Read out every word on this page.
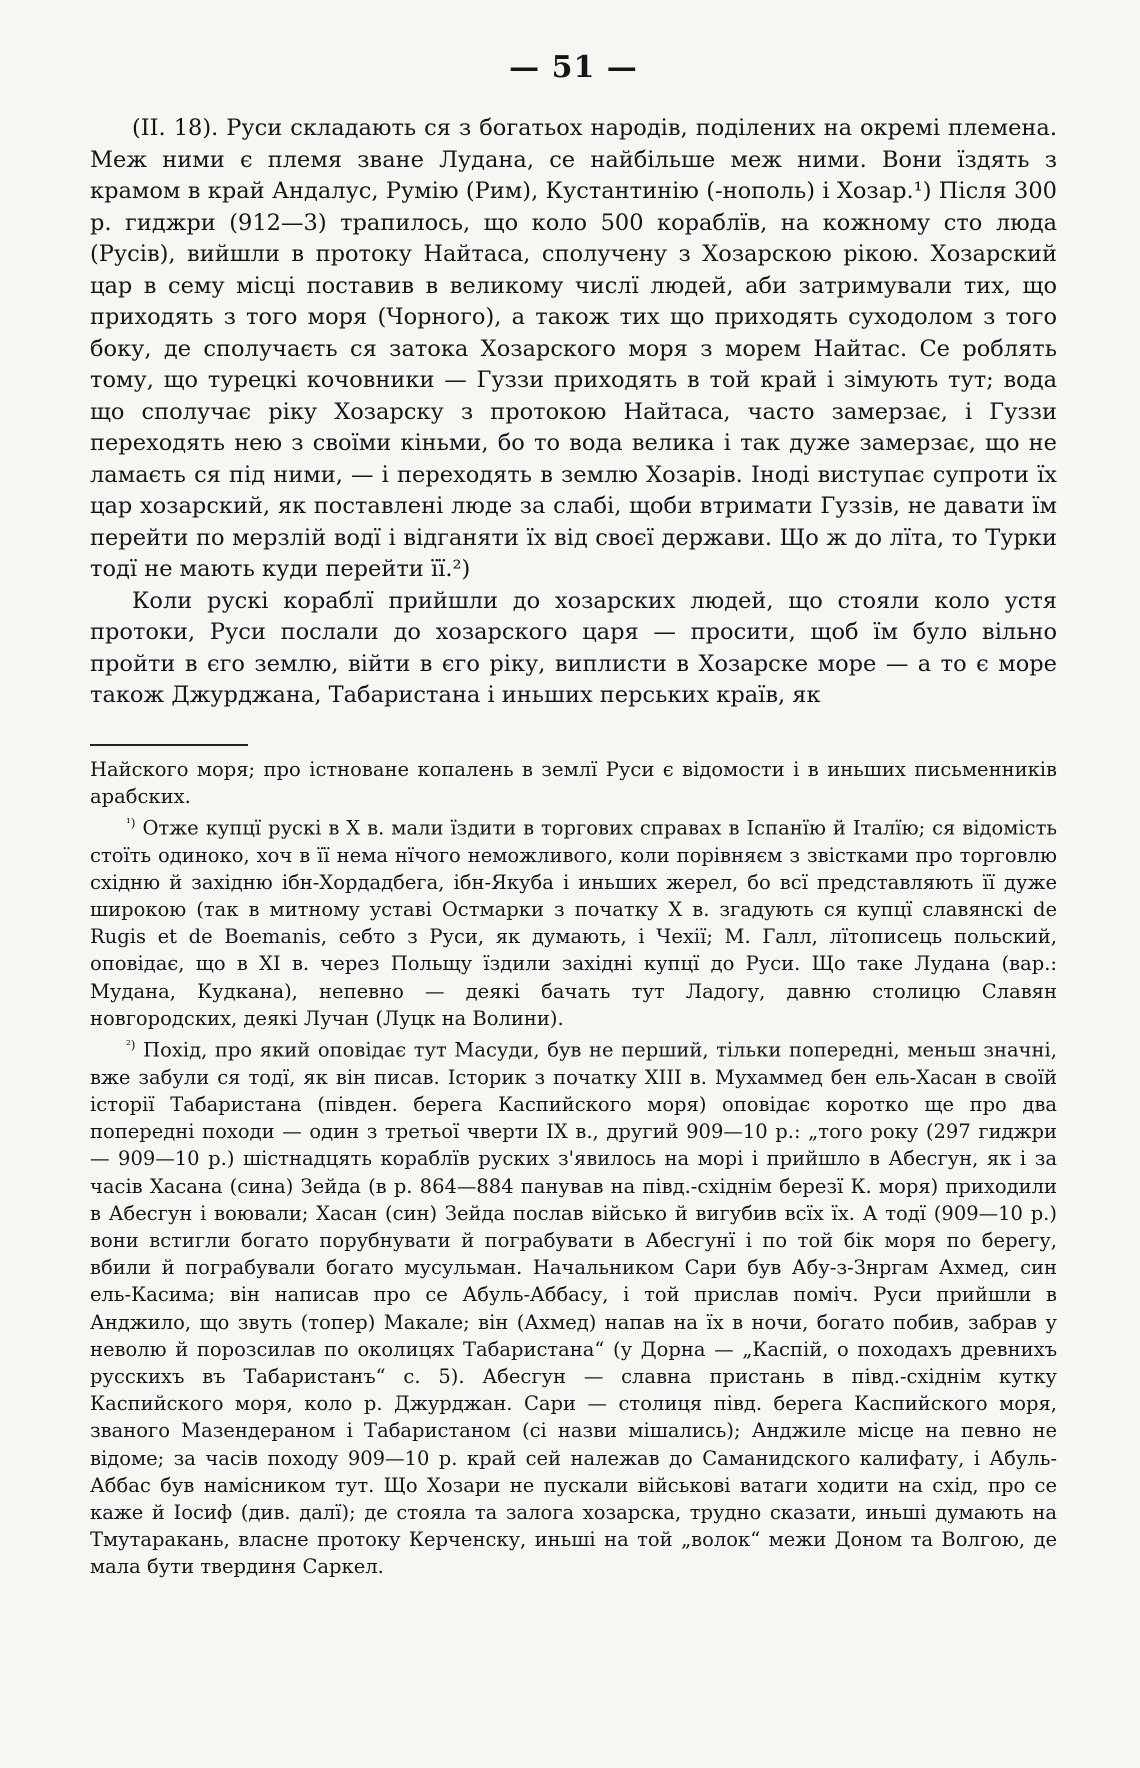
— 51 —

(II. 18). Руси складають ся з богатьох народів, поділених на окремі племена. Меж ними є племя зване Лудана, се найбільше меж ними. Вони їздять з крамом в край Андалус, Румію (Рим), Кустантинію (-нополь) і Хозар.¹) Після 300 р. гиджри (912—3) трапилось, що коло 500 кораблїв, на кожному сто люда (Русів), вийшли в протоку Найтаса, сполучену з Хозарскою рікою. Хозарский цар в сему місці поставив в великому числї людей, аби затримували тих, що приходять з того моря (Чорного), а також тих що приходять суходолом з того боку, де сполучаєть ся затока Хозарского моря з морем Найтас. Се роблять тому, що турецкі кочовники — Гуззи приходять в той край і зімують тут; вода що сполучає ріку Хозарску з протокою Найтаса, часто замерзає, і Гуззи переходять нею з своїми кіньми, бо то вода велика і так дуже замерзає, що не ламаєть ся під ними, — і переходять в землю Хозарів. Іноді виступає супроти їх цар хозарский, як поставлені люде за слабі, щоби втримати Гуззів, не давати їм перейти по мерзлій водї і відганяти їх від своєї держави. Що ж до лїта, то Турки тодї не мають куди перейти її.²)

Коли рускі кораблї прийшли до хозарских людей, що стояли коло устя протоки, Руси послали до хозарского царя — просити, щоб їм було вільно пройти в єго землю, війти в єго ріку, виплисти в Хозарске море — а то є море також Джурджана, Табаристана і иньших перських країв, як

Найского моря; про істноване копалень в землї Руси є відомости і в иньших письменників арабских.

$^{^1)}$ Отже купцї рускі в X в. мали їздити в торгових справах в Іспанїю й Італїю; ся відомість стоїть одиноко, хоч в її нема нїчого неможливого, коли порівняєм з звістками про торговлю східню й західню ібн-Хордадбега, ібн-Якуба і иньших жерел, бо всї представляють її дуже широкою (так в митному уставі Остмарки з початку X в. згадують ся купцї славянскі de Rugis et de Boemanis, себто з Руси, як думають, і Чехії; М. Галл, лїтописець польский, оповідає, що в XI в. через Польщу їздили західні купцї до Руси. Що таке Лудана (вар.: Мудана, Кудкана), непевно — деякі бачать тут Ладогу, давню столицю Славян новгородских, деякі Лучан (Луцк на Волини).

$^{^2)}$ Похід, про який оповідає тут Масуди, був не перший, тільки попередні, меньш значні, вже забули ся тодї, як він писав. Історик з початку XIII в. Мухаммед бен ель-Хасан в своїй історії Табаристана (півден. берега Каспийского моря) оповідає коротко ще про два попередні походи — один з третьої чверти IX в., другий 909—10 р.: „того року (297 гиджри — 909—10 р.) шістнадцять кораблїв руских з'явилось на морі і прийшло в Абесгун, як і за часів Хасана (сина) Зейда (в р. 864—884 панував на півд.-східнім березї К. моря) приходили в Абесгун і воювали; Хасан (син) Зейда послав військо й вигубив всїх їх. А тодї (909—10 р.) вони встигли богато порубнувати й пограбувати в Абесгунї і по той бік моря по берегу, вбили й пограбували богато мусульман. Начальником Сари був Абу-з-Знргам Ахмед, син ель-Касима; він написав про се Абуль-Аббасу, і той прислав поміч. Руси прийшли в Анджило, що звуть (топер) Макале; він (Ахмед) напав на їх в ночи, богато побив, забрав у неволю й порозсилав по околицях Табаристана“ (у Дорна — „Каспій, о походахъ древнихъ русскихъ въ Табаристанъ“ с. 5). Абесгун — славна пристань в півд.-східнім кутку Каспийского моря, коло р. Джурджан. Сари — столиця півд. берега Каспийского моря, званого Мазендераном і Табаристаном (сі назви мішались); Анджиле місце на певно не відоме; за часів походу 909—10 р. край сей належав до Саманидского калифату, і Абуль-Аббас був намісником тут. Що Хозари не пускали військові ватаги ходити на схід, про се каже й Іосиф (див. далї); де стояла та залога хозарска, трудно сказати, иньші думають на Тмутаракань, власне протоку Керченску, иньші на той „волок“ межи Доном та Волгою, де мала бути твердиня Саркел.
